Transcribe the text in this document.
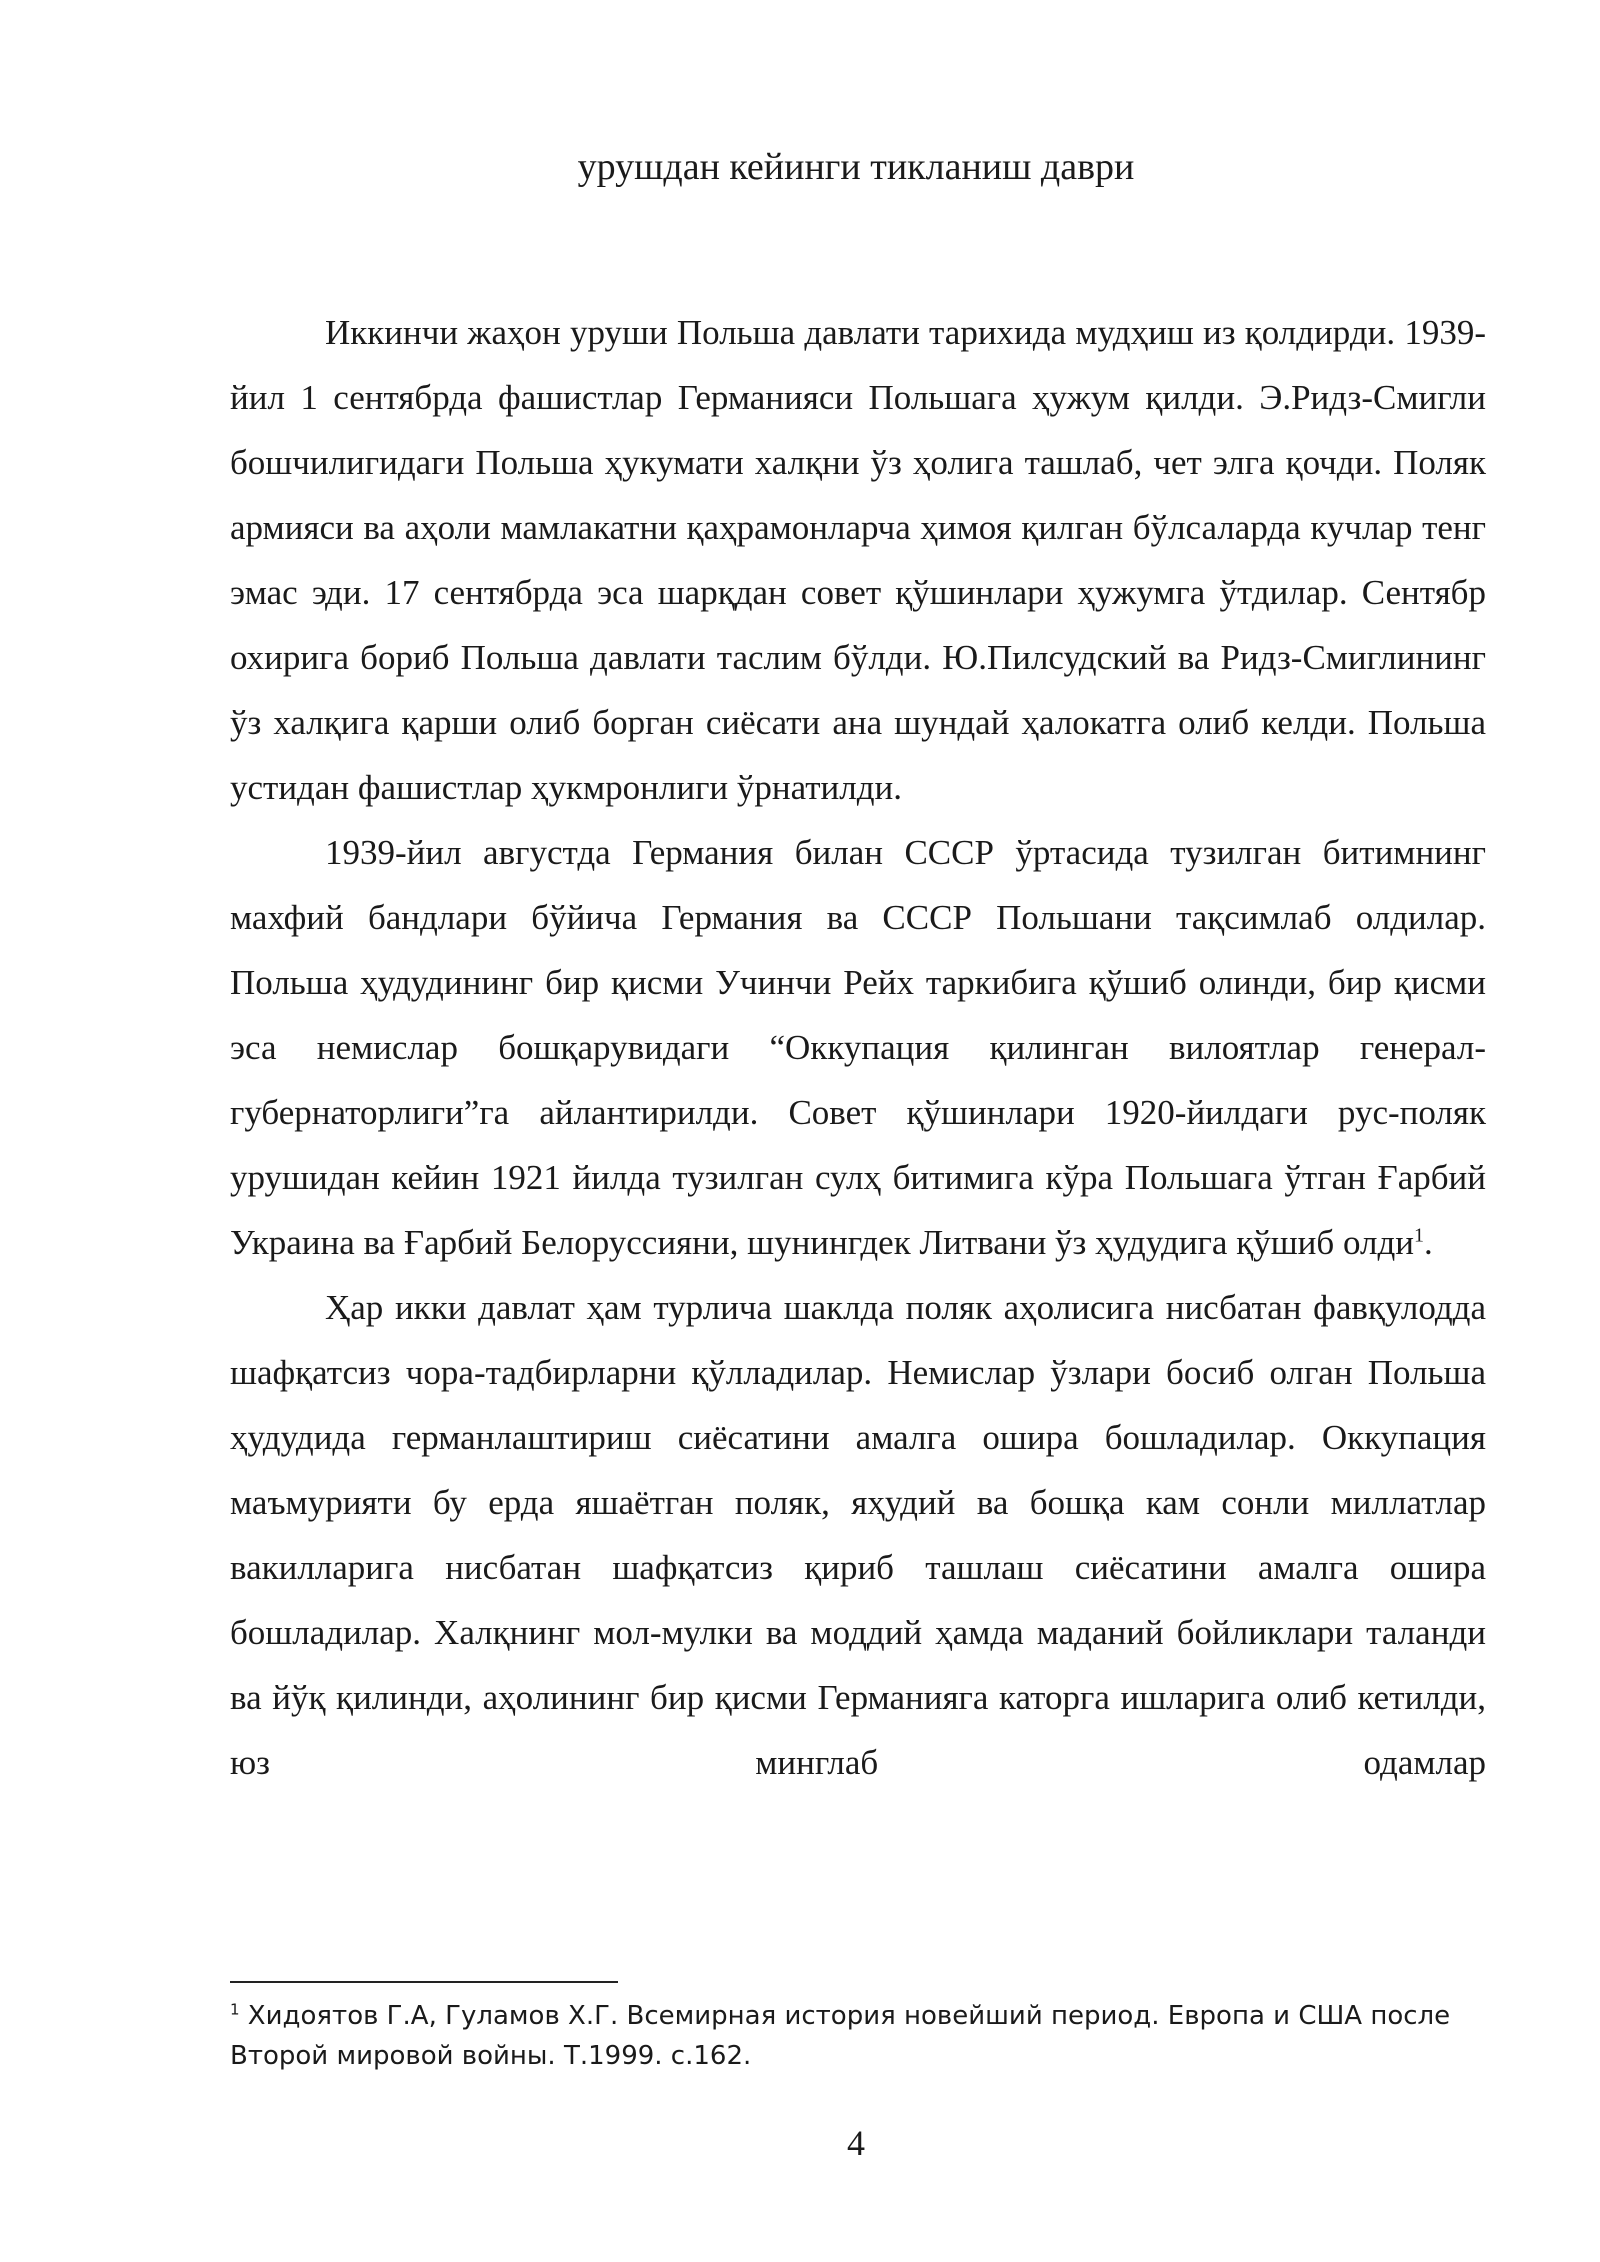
урушдан кейинги тикланиш даври

Иккинчи жаҳон уруши Польша давлати тарихида мудҳиш из қолдирди. 1939-йил 1 сентябрда фашистлар Германияси Польшага ҳужум қилди. Э.Ридз-Смигли бошчилигидаги Польша ҳукумати халқни ўз ҳолига ташлаб, чет элга қочди. Поляк армияси ва аҳоли мамлакатни қаҳрамонларча ҳимоя қилган бўлсаларда кучлар тенг эмас эди. 17 сентябрда эса шарқдан совет қўшинлари ҳужумга ўтдилар. Сентябр охирига бориб Польша давлати таслим бўлди. Ю.Пилсудский ва Ридз-Смиглининг ўз халқига қарши олиб борган сиёсати ана шундай ҳалокатга олиб келди. Польша устидан фашистлар ҳукмронлиги ўрнатилди.

1939-йил августда Германия билан СССР ўртасида тузилган битимнинг махфий бандлари бўйича Германия ва СССР Польшани тақсимлаб олдилар. Польша ҳудудининг бир қисми Учинчи Рейх таркибига қўшиб олинди, бир қисми эса немислар бошқарувидаги “Оккупация қилинган вилоятлар генерал-губернаторлиги”га айлантирилди. Совет қўшинлари 1920-йилдаги рус-поляк урушидан кейин 1921 йилда тузилган сулҳ битимига кўра Польшага ўтган Ғарбий Украина ва Ғарбий Белоруссияни, шунингдек Литвани ўз ҳудудига қўшиб олди$^1$.

Ҳар икки давлат ҳам турлича шаклда поляк аҳолисига нисбатан фавқулодда шафқатсиз чора-тадбирларни қўлладилар. Немислар ўзлари босиб олган Польша ҳудудида германлаштириш сиёсатини амалга ошира бошладилар. Оккупация маъмурияти бу ерда яшаётган поляк, яҳудий ва бошқа кам сонли миллатлар вакилларига нисбатан шафқатсиз қириб ташлаш сиёсатини амалга ошира бошладилар. Халқнинг мол-мулки ва моддий ҳамда маданий бойликлари таланди ва йўқ қилинди, аҳолининг бир қисми Германияга каторга ишларига олиб кетилди, юз минглаб одамлар

$^1$ Хидоятов Г.А, Гуламов Х.Г. Всемирная история новейший период. Европа и США после Второй мировой войны. Т.1999. с.162.

4
